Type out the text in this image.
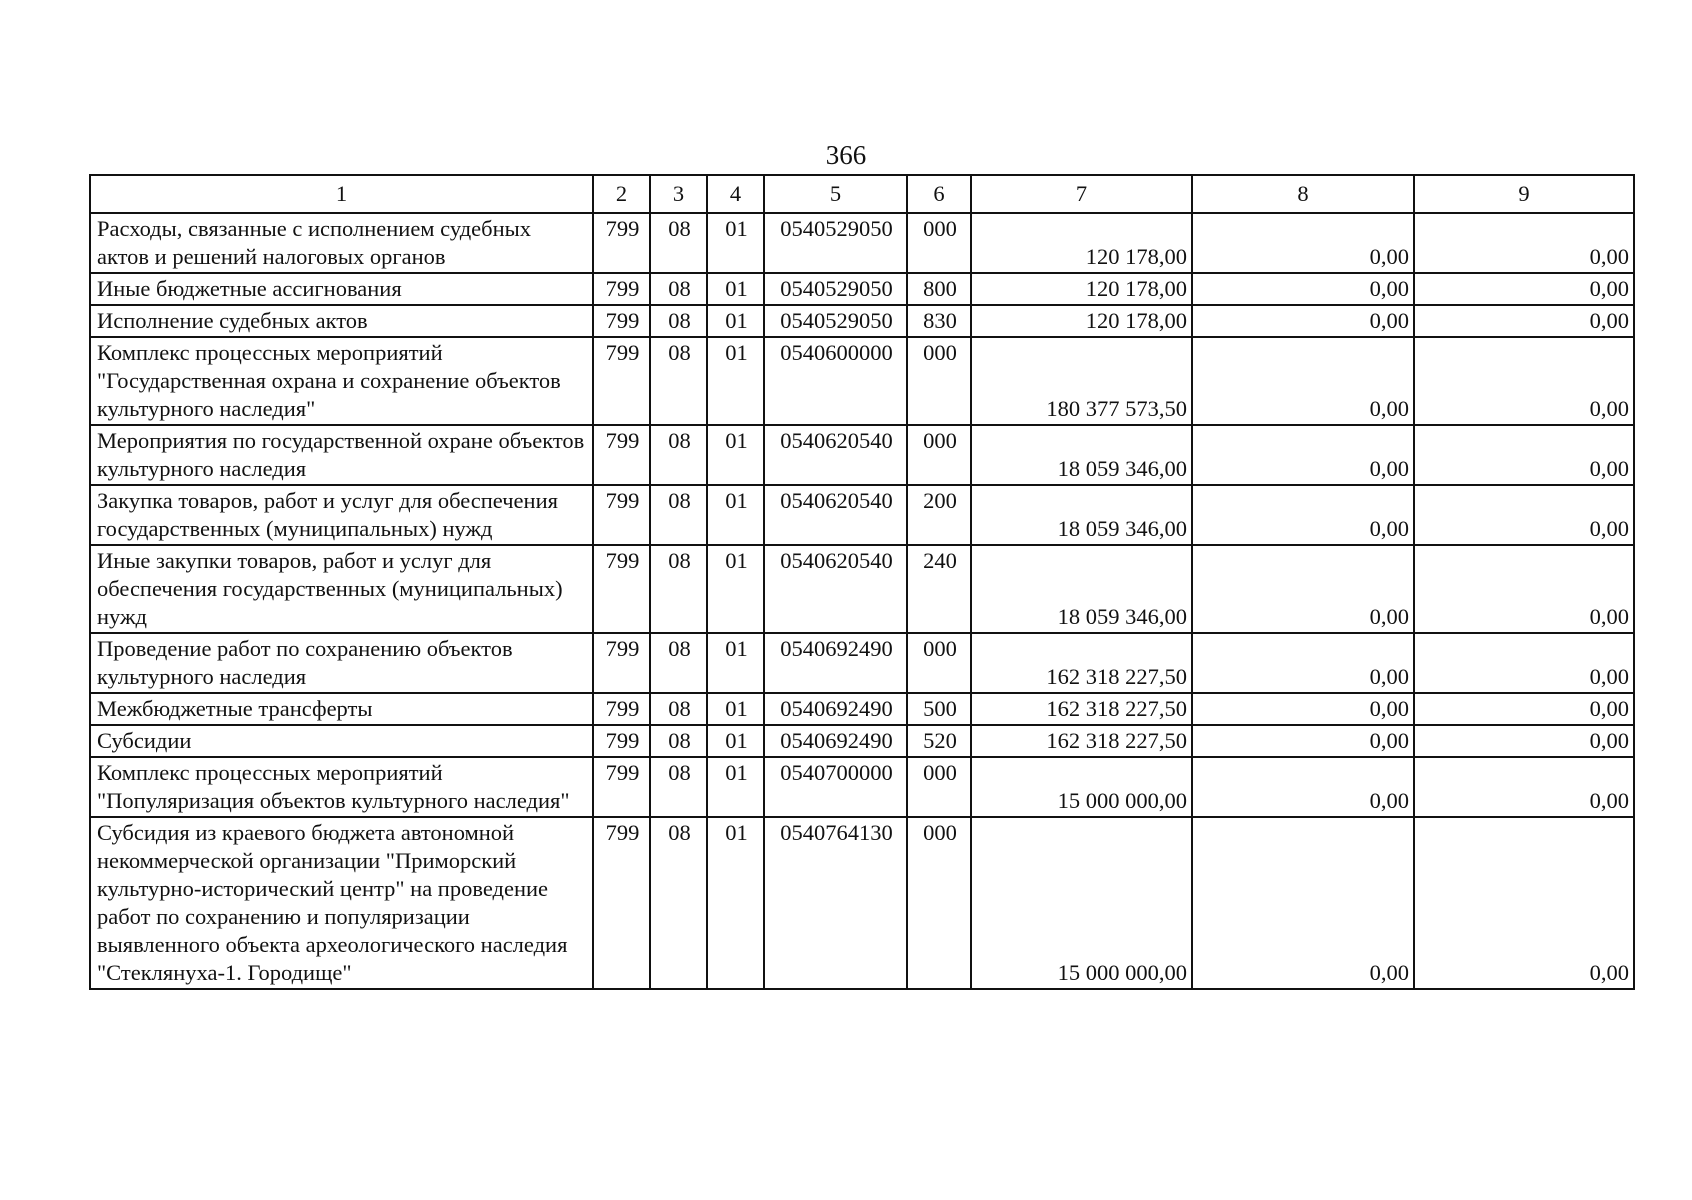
366
1	2	3	4	5	6	7	8	9
Расходы, связанные с исполнением судебных актов и решений налоговых органов	799	08	01	0540529050	000	120 178,00	0,00	0,00
Иные бюджетные ассигнования	799	08	01	0540529050	800	120 178,00	0,00	0,00
Исполнение судебных актов	799	08	01	0540529050	830	120 178,00	0,00	0,00
Комплекс процессных мероприятий "Государственная охрана и сохранение объектов культурного наследия"	799	08	01	0540600000	000	180 377 573,50	0,00	0,00
Мероприятия по государственной охране объектов культурного наследия	799	08	01	0540620540	000	18 059 346,00	0,00	0,00
Закупка товаров, работ и услуг для обеспечения государственных (муниципальных) нужд	799	08	01	0540620540	200	18 059 346,00	0,00	0,00
Иные закупки товаров, работ и услуг для обеспечения государственных (муниципальных) нужд	799	08	01	0540620540	240	18 059 346,00	0,00	0,00
Проведение работ по сохранению объектов культурного наследия	799	08	01	0540692490	000	162 318 227,50	0,00	0,00
Межбюджетные трансферты	799	08	01	0540692490	500	162 318 227,50	0,00	0,00
Субсидии	799	08	01	0540692490	520	162 318 227,50	0,00	0,00
Комплекс процессных мероприятий "Популяризация объектов культурного наследия"	799	08	01	0540700000	000	15 000 000,00	0,00	0,00
Субсидия из краевого бюджета автономной некоммерческой организации "Приморский культурно-исторический центр" на проведение работ по сохранению и популяризации выявленного объекта археологического наследия "Стеклянуха-1. Городище"	799	08	01	0540764130	000	15 000 000,00	0,00	0,00
